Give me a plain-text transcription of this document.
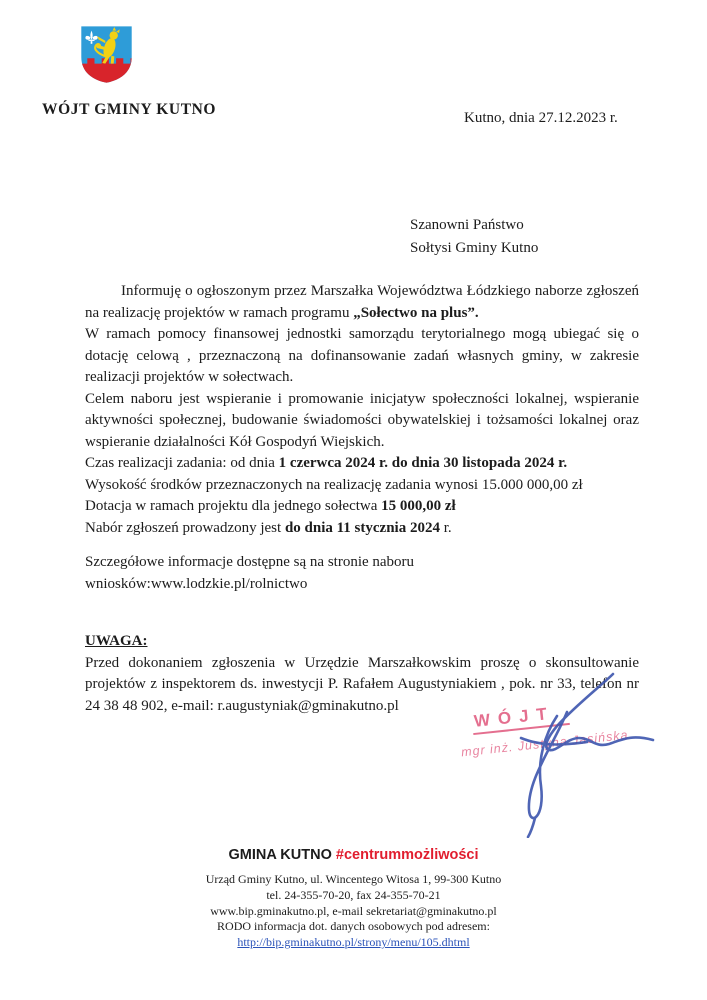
WÓJT GMINY KUTNO	Kutno, dnia 27.12.2023 r.
Szanowni Państwo
Sołtysi Gminy Kutno

Informuję o ogłoszonym przez Marszałka Województwa Łódzkiego naborze zgłoszeń na realizację projektów w ramach programu „Sołectwo na plus”.

W ramach pomocy finansowej jednostki samorządu terytorialnego mogą ubiegać się o dotację celową , przeznaczoną na dofinansowanie zadań własnych gminy, w zakresie realizacji projektów w sołectwach.

Celem naboru jest wspieranie i promowanie inicjatyw społeczności lokalnej, wspieranie aktywności społecznej, budowanie świadomości obywatelskiej i tożsamości lokalnej oraz wspieranie działalności Kół Gospodyń Wiejskich.

Czas realizacji zadania: od dnia 1 czerwca 2024 r. do dnia 30 listopada 2024 r.

Wysokość środków przeznaczonych na realizację zadania wynosi 15.000 000,00 zł

Dotacja w ramach projektu dla jednego sołectwa 15 000,00 zł

Nabór zgłoszeń prowadzony jest do dnia 11 stycznia 2024 r.

Szczegółowe informacje dostępne są na stronie naboru wniosków:www.lodzkie.pl/rolnictwo

UWAGA:

Przed dokonaniem zgłoszenia w Urzędzie Marszałkowskim proszę o skonsultowanie projektów z inspektorem ds. inwestycji P. Rafałem Augustyniakiem , pok. nr 33, telefon nr 24 38 48 902, e-mail: r.augustyniak@gminakutno.pl	WÓJT
mgr inż. Justyna Jasińska

GMINA KUTNO #centrummożliwości

Urząd Gminy Kutno, ul. Wincentego Witosa 1, 99-300 Kutno
tel. 24-355-70-20, fax 24-355-70-21
www.bip.gminakutno.pl, e-mail sekretariat@gminakutno.pl
RODO informacja dot. danych osobowych pod adresem:
http://bip.gminakutno.pl/strony/menu/105.dhtml
